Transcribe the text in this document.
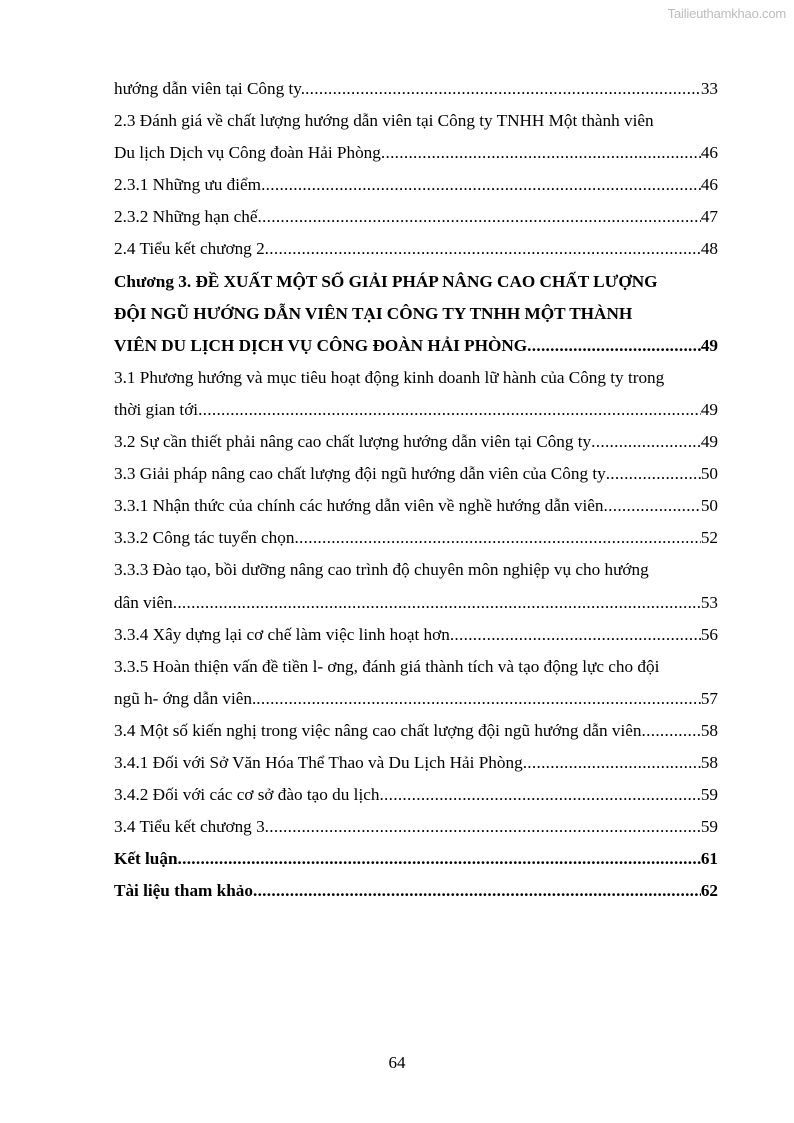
Tailieuthamkhao.com
hướng dẫn viên tại Công ty. .....	33
2.3 Đánh giá về chất lượng hướng dẫn viên tại Công ty TNHH Một thành viên
Du lịch Dịch vụ Công đoàn Hải Phòng .....	46
2.3.1 Những ưu điểm .....	46
2.3.2 Những hạn chế .....	47
2.4 Tiểu kết chương 2 .....	48
Chương 3. ĐỀ XUẤT MỘT SỐ GIẢI PHÁP NÂNG CAO CHẤT LƯỢNG
ĐỘI NGŨ HƯỚNG DẪN VIÊN TẠI CÔNG TY TNHH MỘT THÀNH
VIÊN DU LỊCH DỊCH VỤ CÔNG ĐOÀN HẢI PHÒNG .....	49
3.1 Phương hướng và mục tiêu hoạt động kinh doanh lữ hành của Công ty trong
thời gian tới .....	49
3.2 Sự cần thiết phải nâng cao chất lượng hướng dẫn viên tại Công ty .....	49
3.3 Giải pháp nâng cao chất lượng đội ngũ hướng dẫn viên của Công ty .....	50
3.3.1 Nhận thức của chính các hướng dẫn viên về nghề hướng dẫn viên .....	50
3.3.2 Công tác tuyển chọn .....	52
3.3.3 Đào tạo, bồi dưỡng nâng cao trình độ chuyên môn nghiệp vụ cho hướng
dân viên .....	53
3.3.4 Xây dựng lại cơ chế làm việc linh hoạt hơn .....	56
3.3.5 Hoàn thiện vấn đề tiền l- ơng, đánh giá thành tích và tạo động lực cho đội
ngũ h- ớng dẫn viên. .....	57
3.4 Một số kiến nghị trong việc nâng cao chất lượng đội ngũ hướng dẫn viên .....	58
3.4.1 Đối với Sở Văn Hóa Thể Thao và Du Lịch Hải Phòng .....	58
3.4.2 Đối với các cơ sở đào tạo du lịch .....	59
3.4 Tiểu kết chương 3 .....	59
Kết luận .....	61
Tài liệu tham khảo .....	62
64
